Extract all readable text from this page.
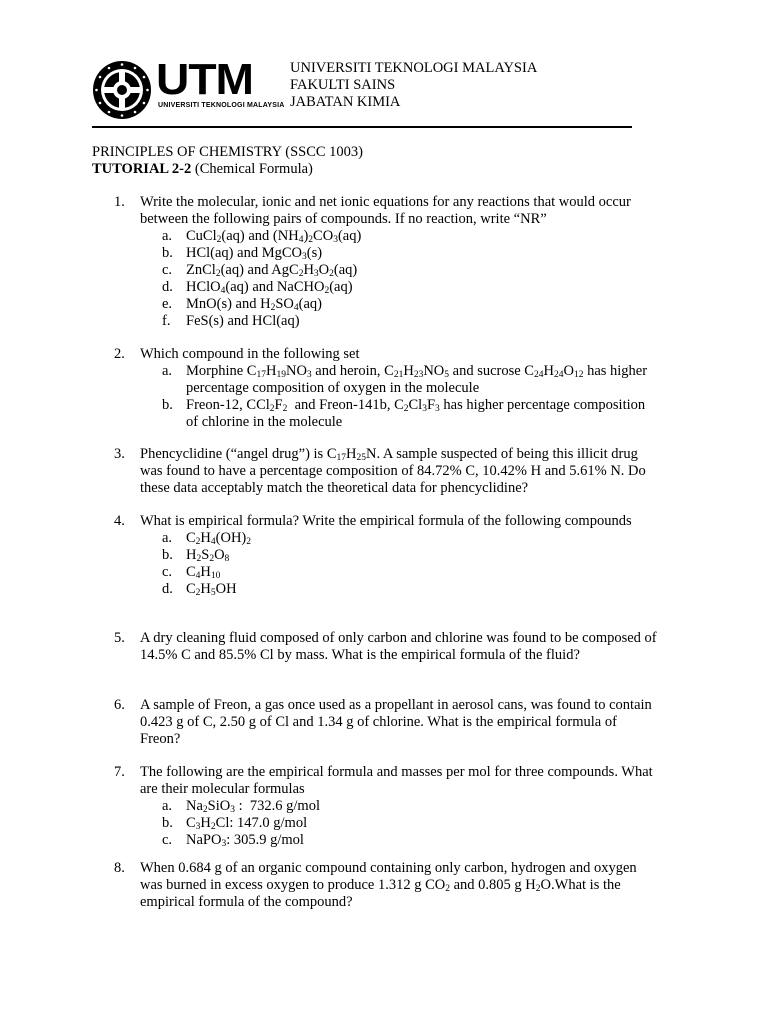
UTM
UNIVERSITI TEKNOLOGI MALAYSIA
UNIVERSITI TEKNOLOGI MALAYSIA
FAKULTI SAINS
JABATAN KIMIA
PRINCIPLES OF CHEMISTRY (SSCC 1003)
TUTORIAL 2-2 (Chemical Formula)
1. Write the molecular, ionic and net ionic equations for any reactions that would occur between the following pairs of compounds. If no reaction, write “NR”
a. CuCl$_2$(aq) and $(NH_4)_2CO_3(aq)$
b. HCl(aq) and MgCO$_3$(s)
c. ZnCl$_2$(aq) and $AgC_2H_3O_2(aq)$
d. HClO$_4$(aq) and NaCHO$_2$(aq)
e. MnO(s) and $H_2SO_4(aq)$
f. FeS(s) and HCl(aq)
2. Which compound in the following set
a. Morphine $C_{17}H_{19}NO_3$ and heroin, $C_{21}H_{23}NO_5$ and sucrose $C_{24}H_{24}O_{12}$ has higher percentage composition of oxygen in the molecule
b. Freon-12, $CCl_2F_2$  and Freon-141b, $C_2Cl_3F_3$ has higher percentage composition of chlorine in the molecule
3. Phencyclidine (“angel drug”) is $C_{17}H_{25}N$. A sample suspected of being this illicit drug was found to have a percentage composition of 84.72% C, 10.42% H and 5.61% N. Do these data acceptably match the theoretical data for phencyclidine?
4. What is empirical formula? Write the empirical formula of the following compounds
a. $C_2H_4(OH)_2$
b. $H_2S_2O_8$
c. $C_4H_{10}$
d. $C_2H_5OH$
5. A dry cleaning fluid composed of only carbon and chlorine was found to be composed of 14.5% C and 85.5% Cl by mass. What is the empirical formula of the fluid?
6. A sample of Freon, a gas once used as a propellant in aerosol cans, was found to contain 0.423 g of C, 2.50 g of Cl and 1.34 g of chlorine. What is the empirical formula of Freon?
7. The following are the empirical formula and masses per mol for three compounds. What are their molecular formulas
a. $Na_2SiO_3$ :  732.6 g/mol
b. $C_3H_2Cl$: 147.0 g/mol
c. NaPO$_3$: 305.9 g/mol
8. When 0.684 g of an organic compound containing only carbon, hydrogen and oxygen was burned in excess oxygen to produce 1.312 g $CO_2$ and 0.805 g $H_2O.What$ is the empirical formula of the compound?
